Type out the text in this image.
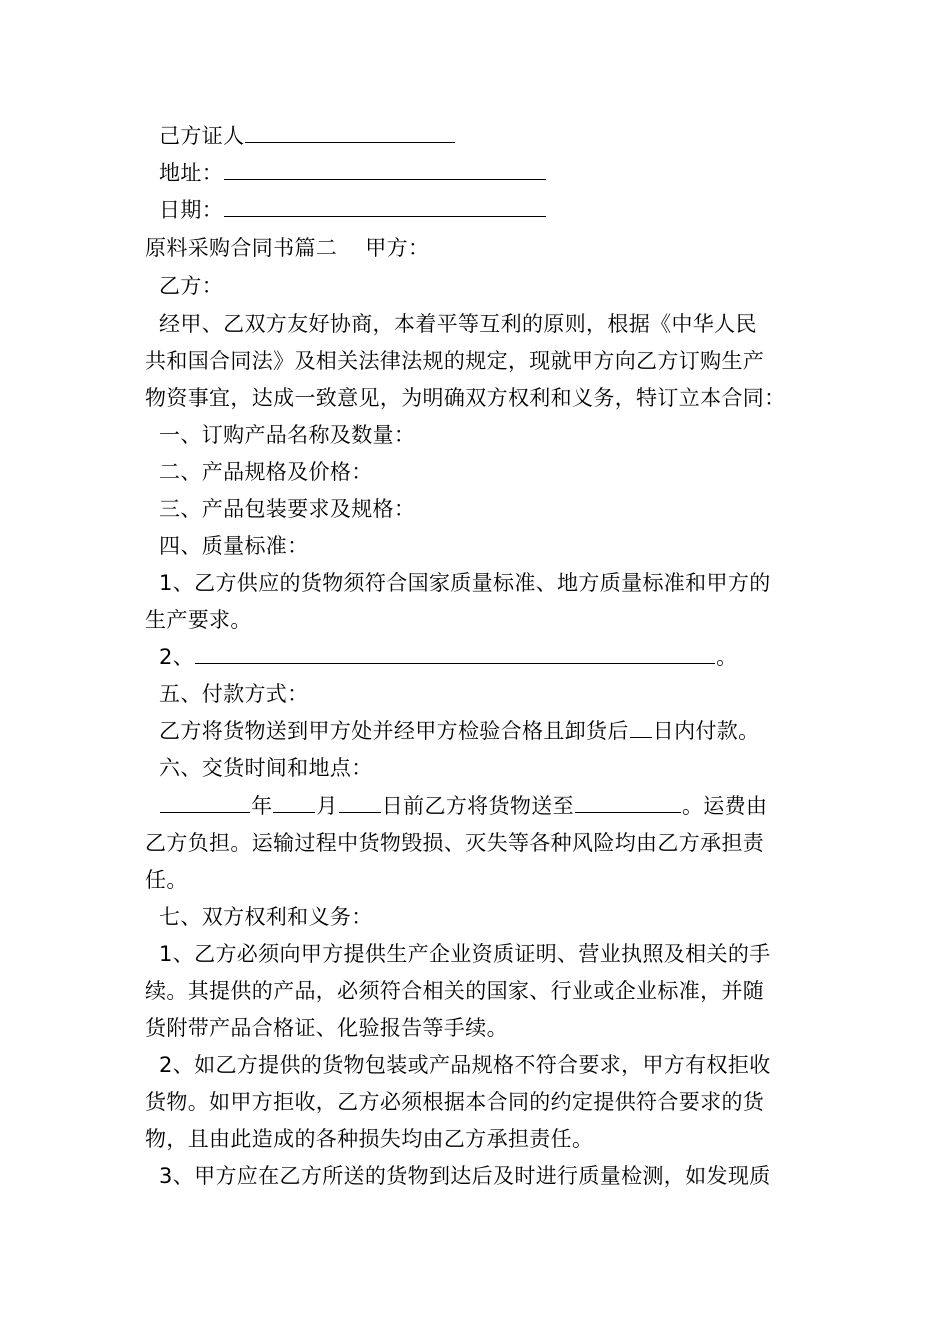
己方证人
地址：
日期：
原料采购合同书篇二    甲方：
乙方：
经甲、乙双方友好协商，本着平等互利的原则，根据《中华人民
共和国合同法》及相关法律法规的规定，现就甲方向乙方订购生产
物资事宜，达成一致意见，为明确双方权利和义务，特订立本合同：
一、订购产品名称及数量：
二、产品规格及价格：
三、产品包装要求及规格：
四、质量标准：
1、乙方供应的货物须符合国家质量标准、地方质量标准和甲方的
生产要求。
2、	。
五、付款方式：
乙方将货物送到甲方处并经甲方检验合格且卸货后 日内付款。
六、交货时间和地点：
年 月 日前乙方将货物送至	。运费由
乙方负担。运输过程中货物毁损、灭失等各种风险均由乙方承担责
任。
七、双方权利和义务：
1、乙方必须向甲方提供生产企业资质证明、营业执照及相关的手
续。其提供的产品，必须符合相关的国家、行业或企业标准，并随
货附带产品合格证、化验报告等手续。
2、如乙方提供的货物包装或产品规格不符合要求，甲方有权拒收
货物。如甲方拒收，乙方必须根据本合同的约定提供符合要求的货
物，且由此造成的各种损失均由乙方承担责任。
3、甲方应在乙方所送的货物到达后及时进行质量检测，如发现质
